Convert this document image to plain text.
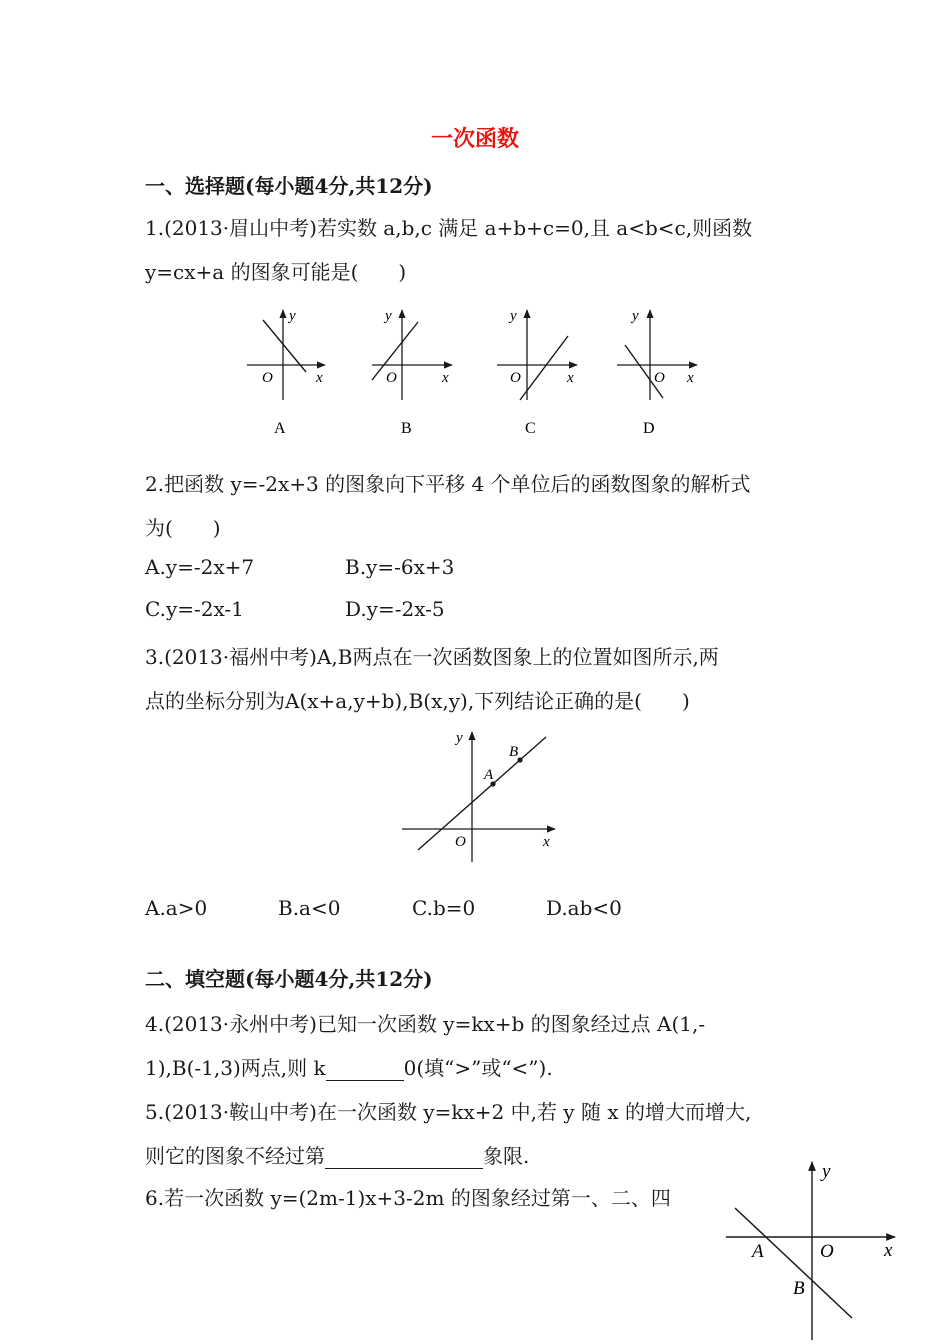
一次函数
一、选择题(每小题4分,共12分)
1.(2013·眉山中考)若实数 a,b,c 满足 a+b+c=0,且 a<b<c,则函数
y=cx+a 的图象可能是(　　)
y
x
O
A
y
x
O
B
y
x
O
C
y
x
O
D
y
x
O
B
A
y
x
O
A
B
2.把函数 y=-2x+3 的图象向下平移 4 个单位后的函数图象的解析式
为(　　)
A.y=-2x+7	B.y=-6x+3
C.y=-2x-1	D.y=-2x-5
3.(2013·福州中考)A,B两点在一次函数图象上的位置如图所示,两
点的坐标分别为A(x+a,y+b),B(x,y),下列结论正确的是(　　)
A.a>0	B.a<0	C.b=0	D.ab<0
二、填空题(每小题4分,共12分)
4.(2013·永州中考)已知一次函数 y=kx+b 的图象经过点 A(1,-
1),B(-1,3)两点,则 k	0(填“>”或“<”).
5.(2013·鞍山中考)在一次函数 y=kx+2 中,若 y 随 x 的增大而增大,
则它的图象不经过第	象限.
6.若一次函数 y=(2m-1)x+3-2m 的图象经过第一、二、四
